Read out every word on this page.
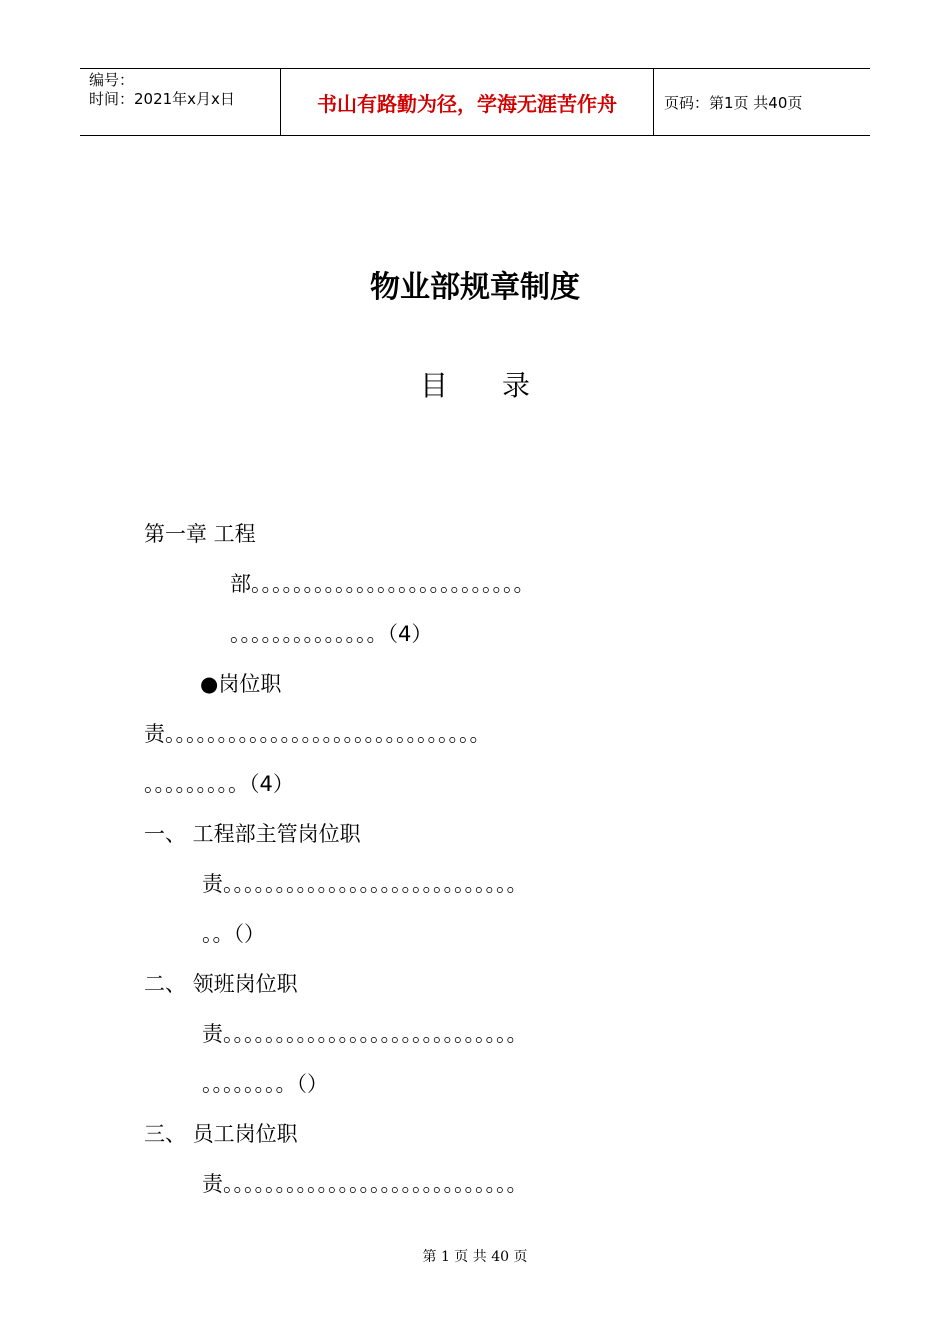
编号：
时间：2021年x月x日	书山有路勤为径，学海无涯苦作舟	页码：第1页 共40页
物业部规章制度
目 录
第一章 工程
部。。。。。。。。。。。。。。。。。。。。。。。。。。
。。。。。。。。。。。。。。（4）
●岗位职
责。。。。。。。。。。。。。。。。。。。。。。。。。。。。。。
。。。。。。。。。（4）
一、 工程部主管岗位职
责。。。。。。。。。。。。。。。。。。。。。。。。。。。。
。。（）
二、 领班岗位职
责。。。。。。。。。。。。。。。。。。。。。。。。。。。。
。。。。。。。。（）
三、 员工岗位职
责。。。。。。。。。。。。。。。。。。。。。。。。。。。。
第 1 页 共 40 页
